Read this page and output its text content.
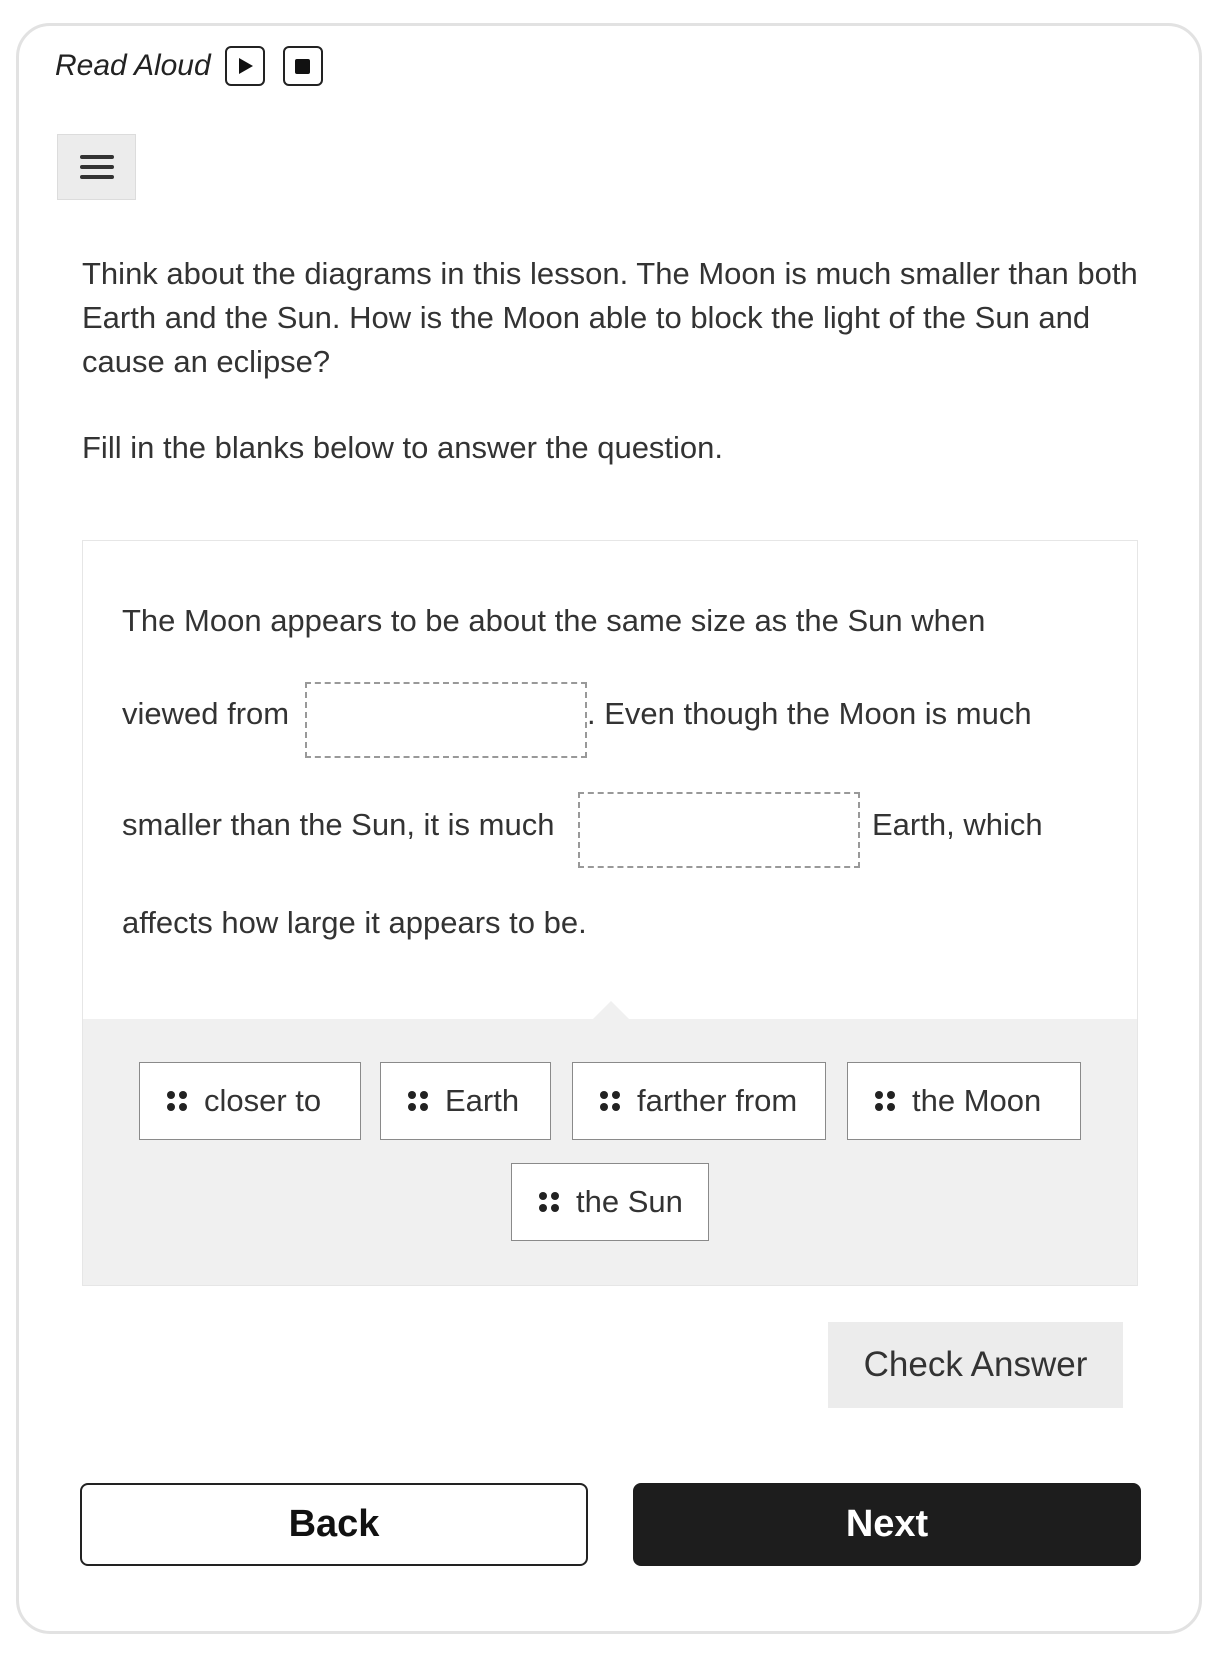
Read Aloud
Think about the diagrams in this lesson. The Moon is much smaller than both Earth and the Sun. How is the Moon able to block the light of the Sun and cause an eclipse?
Fill in the blanks below to answer the question.
The Moon appears to be about the same size as the Sun when
viewed from	. Even though the Moon is much
smaller than the Sun, it is much	Earth, which
affects how large it appears to be.
closer to	Earth	farther from	the Moon
the Sun
Check Answer
Back	Next
